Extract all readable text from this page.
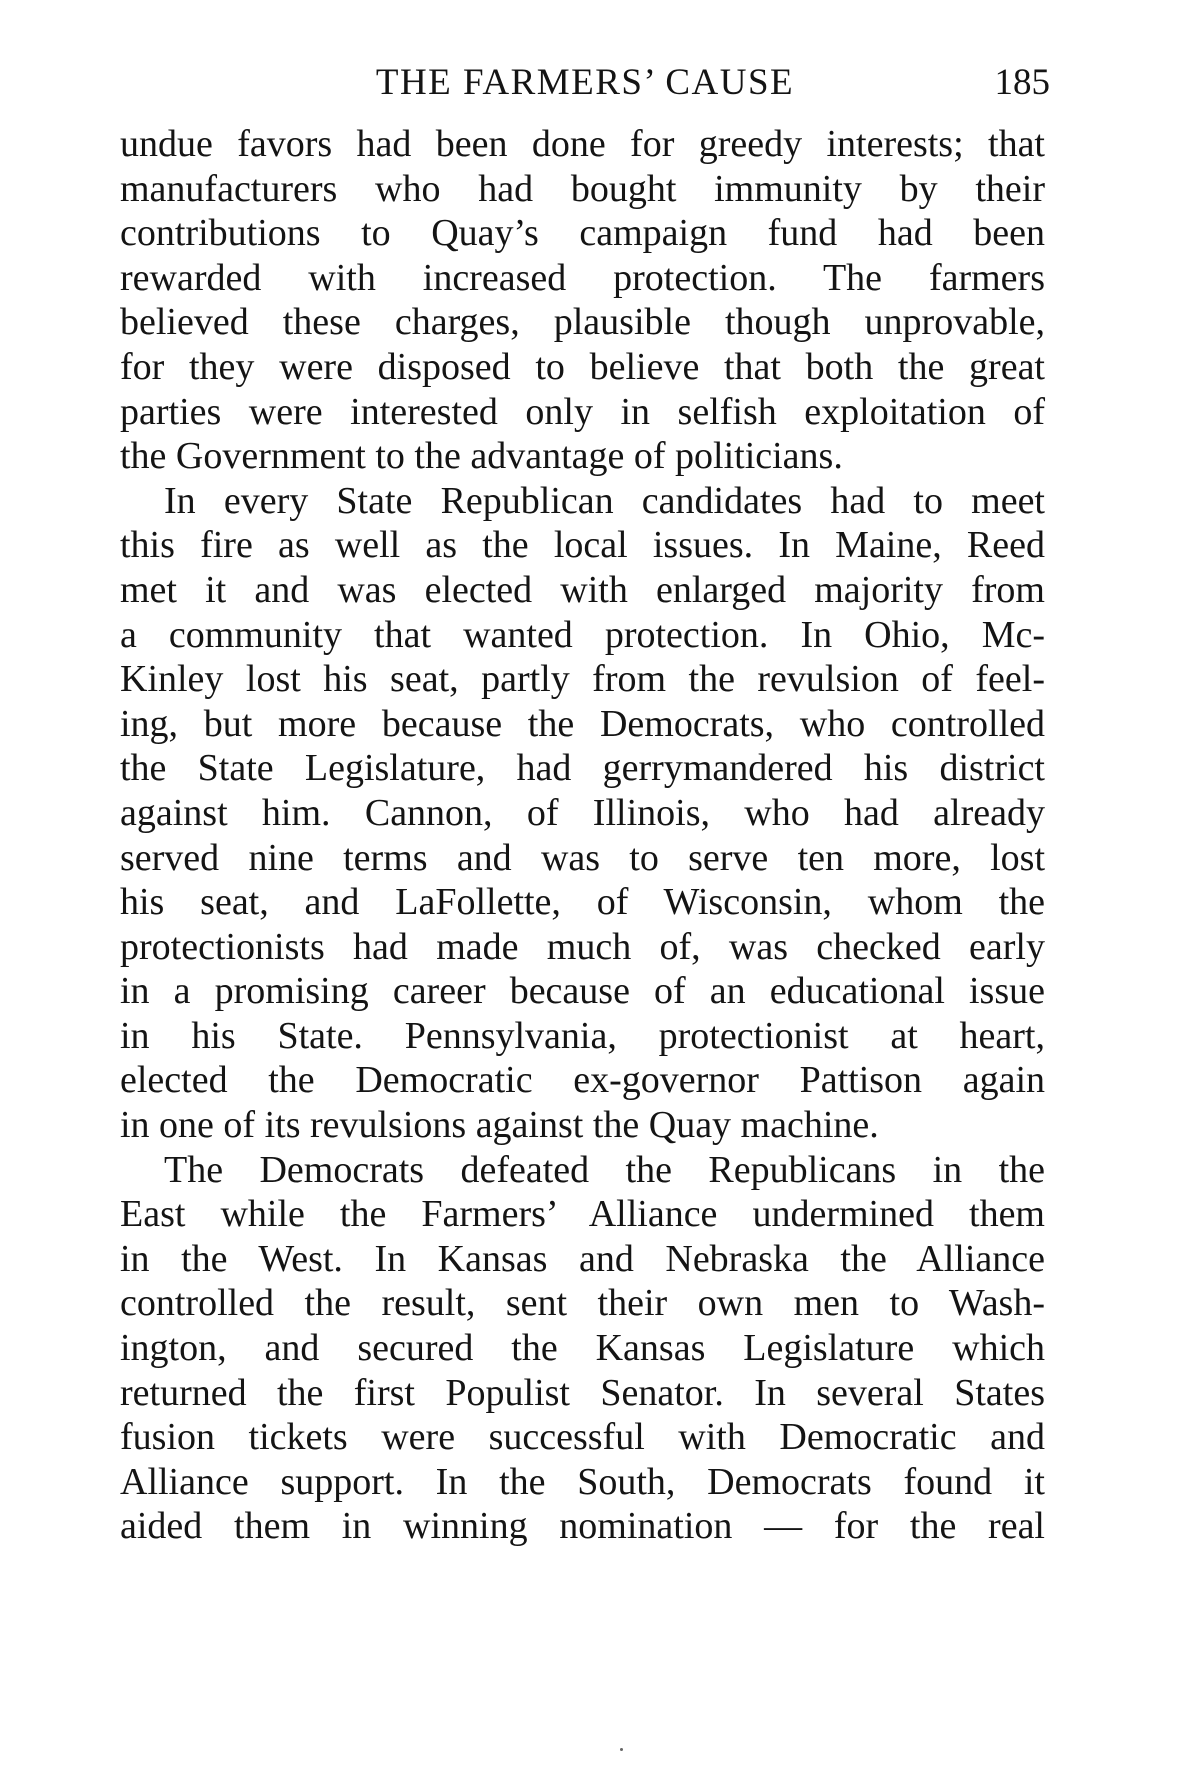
THE FARMERS’ CAUSE	185
undue favors had been done for greedy interests; that
manufacturers who had bought immunity by their
contributions to Quay’s campaign fund had been
rewarded with increased protection. The farmers
believed these charges, plausible though unprovable,
for they were disposed to believe that both the great
parties were interested only in selfish exploitation of
the Government to the advantage of politicians.
In every State Republican candidates had to meet
this fire as well as the local issues. In Maine, Reed
met it and was elected with enlarged majority from
a community that wanted protection. In Ohio, Mc-
Kinley lost his seat, partly from the revulsion of feel-
ing, but more because the Democrats, who controlled
the State Legislature, had gerrymandered his district
against him. Cannon, of Illinois, who had already
served nine terms and was to serve ten more, lost
his seat, and LaFollette, of Wisconsin, whom the
protectionists had made much of, was checked early
in a promising career because of an educational issue
in his State. Pennsylvania, protectionist at heart,
elected the Democratic ex-governor Pattison again
in one of its revulsions against the Quay machine.
The Democrats defeated the Republicans in the
East while the Farmers’ Alliance undermined them
in the West. In Kansas and Nebraska the Alliance
controlled the result, sent their own men to Wash-
ington, and secured the Kansas Legislature which
returned the first Populist Senator. In several States
fusion tickets were successful with Democratic and
Alliance support. In the South, Democrats found it
aided them in winning nomination — for the real
